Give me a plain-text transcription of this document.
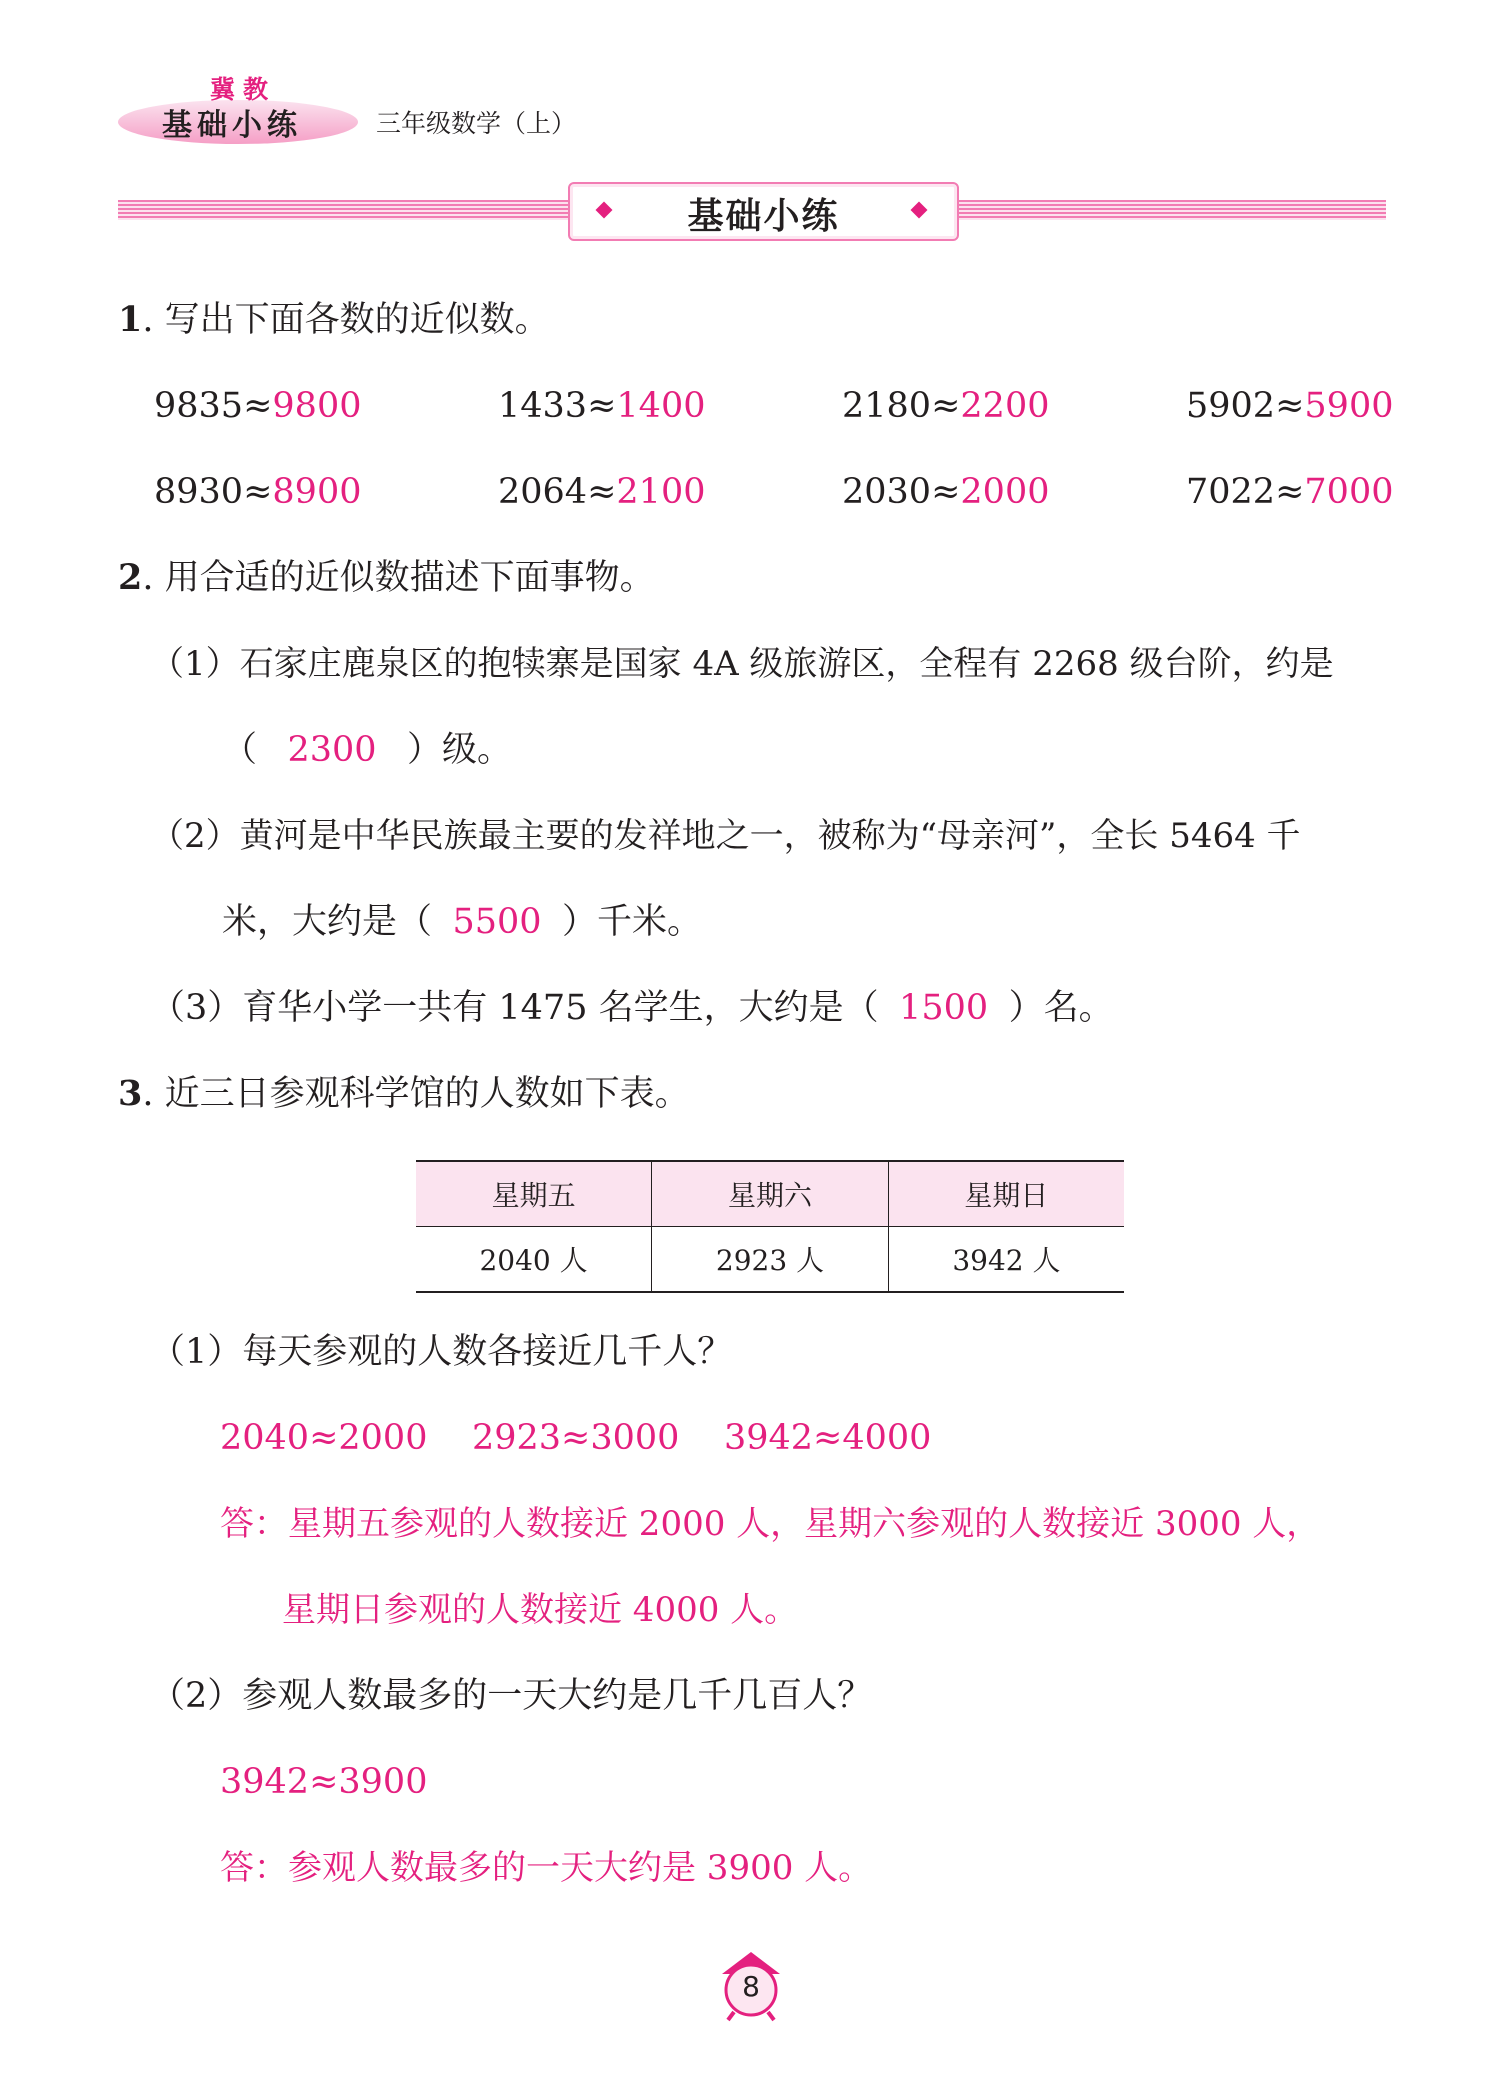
冀教
基础小练	三年级数学（上）
基础小练
1. 写出下面各数的近似数。
9835≈9800	1433≈1400	2180≈2200	5902≈5900
8930≈8900	2064≈2100	2030≈2000	7022≈7000
2. 用合适的近似数描述下面事物。
（1）石家庄鹿泉区的抱犊寨是国家 4A 级旅游区，全程有 2268 级台阶，约是
（ 2300 ）级。
（2）黄河是中华民族最主要的发祥地之一，被称为“母亲河”，全长 5464 千
米，大约是（ 5500 ）千米。
（3）育华小学一共有 1475 名学生，大约是（ 1500 ）名。
3. 近三日参观科学馆的人数如下表。
星期五	星期六	星期日
2040 人	2923 人	3942 人
（1）每天参观的人数各接近几千人？
2040≈2000    2923≈3000    3942≈4000
答：星期五参观的人数接近 2000 人，星期六参观的人数接近 3000 人，
星期日参观的人数接近 4000 人。
（2）参观人数最多的一天大约是几千几百人？
3942≈3900
答：参观人数最多的一天大约是 3900 人。
8
